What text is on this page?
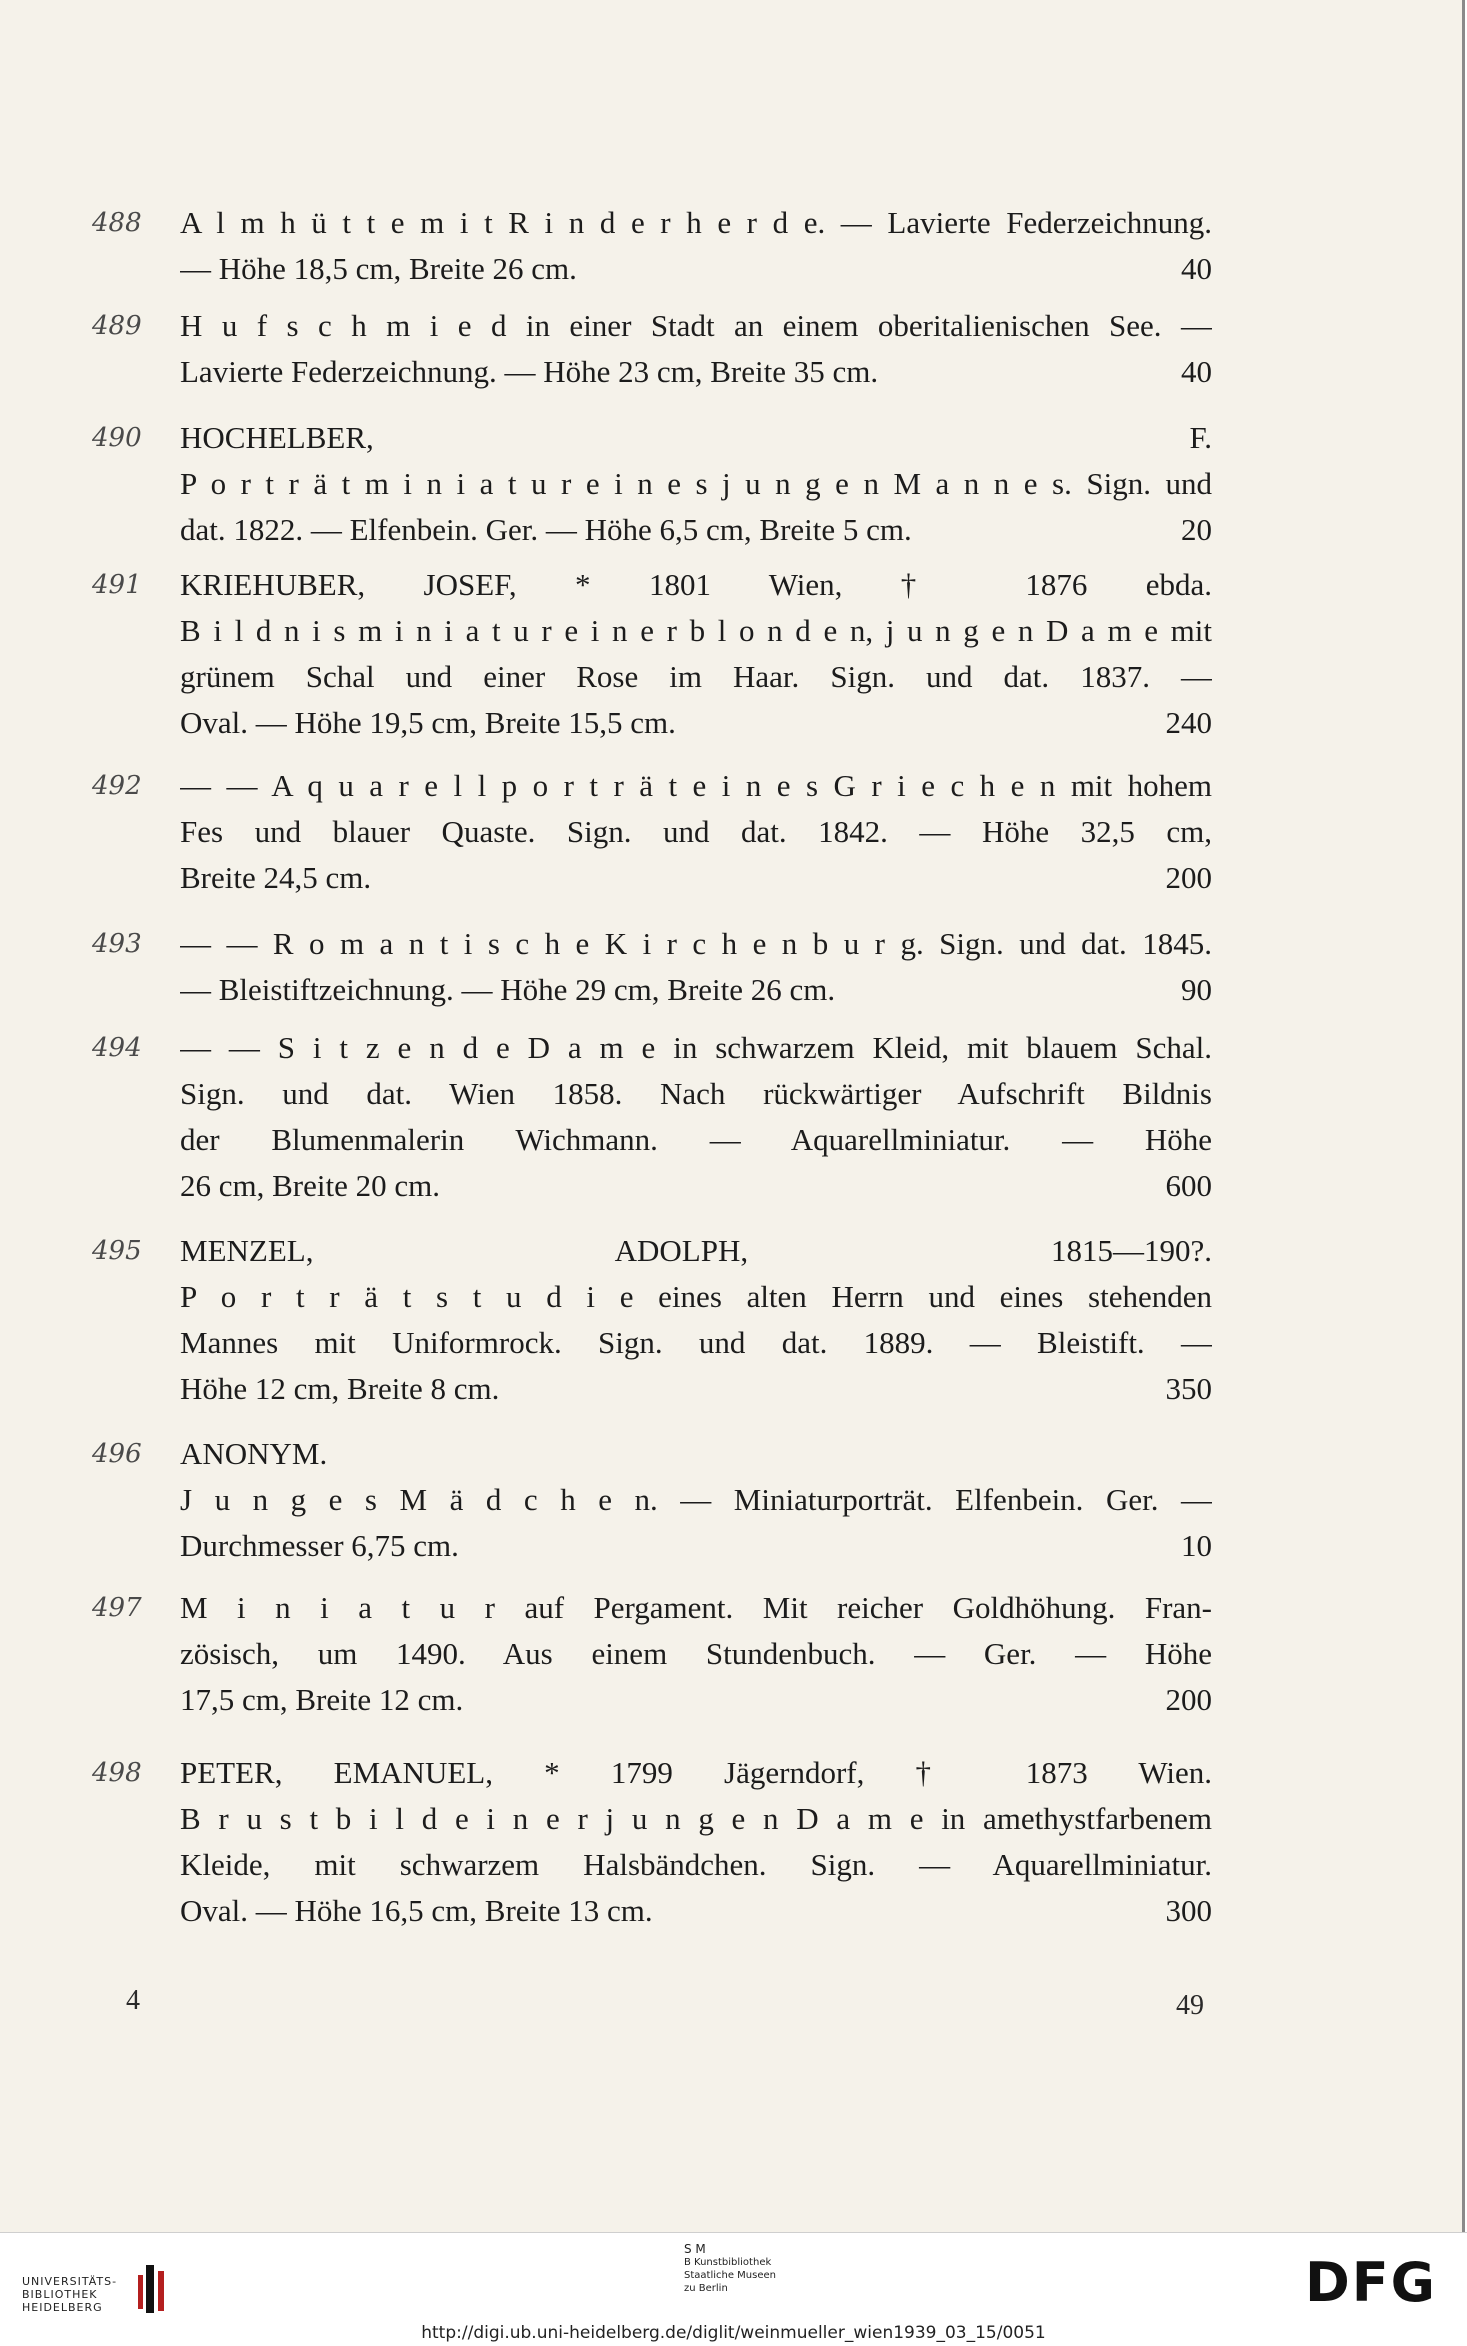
488 A l m h ü t t e m i t R i n d e r h e r d e. — Lavierte Federzeichnung.
— Höhe 18,5 cm, Breite 26 cm.	40
489 H u f s c h m i e d in einer Stadt an einem oberitalienischen See. —
Lavierte Federzeichnung. — Höhe 23 cm, Breite 35 cm.	40
490 HOCHELBER, F.
P o r t r ä t m i n i a t u r e i n e s j u n g e n M a n n e s. Sign. und
dat. 1822. — Elfenbein. Ger. — Höhe 6,5 cm, Breite 5 cm.	20
491 KRIEHUBER, JOSEF, * 1801 Wien, † 1876 ebda.
B i l d n i s m i n i a t u r e i n e r b l o n d e n, j u n g e n D a m e mit
grünem Schal und einer Rose im Haar. Sign. und dat. 1837. —
Oval. — Höhe 19,5 cm, Breite 15,5 cm.	240
492 — — A q u a r e l l p o r t r ä t e i n e s G r i e c h e n mit hohem
Fes und blauer Quaste. Sign. und dat. 1842. — Höhe 32,5 cm,
Breite 24,5 cm.	200
493 — — R o m a n t i s c h e K i r c h e n b u r g. Sign. und dat. 1845.
— Bleistiftzeichnung. — Höhe 29 cm, Breite 26 cm.	90
494 — — S i t z e n d e D a m e in schwarzem Kleid, mit blauem Schal.
Sign. und dat. Wien 1858. Nach rückwärtiger Aufschrift Bildnis
der Blumenmalerin Wichmann. — Aquarellminiatur. — Höhe
26 cm, Breite 20 cm.	600
495 MENZEL, ADOLPH, 1815—190?.
P o r t r ä t s t u d i e eines alten Herrn und eines stehenden
Mannes mit Uniformrock. Sign. und dat. 1889. — Bleistift. —
Höhe 12 cm, Breite 8 cm.	350
496 ANONYM.
J u n g e s M ä d c h e n. — Miniaturporträt. Elfenbein. Ger. —
Durchmesser 6,75 cm.	10
497 M i n i a t u r auf Pergament. Mit reicher Goldhöhung. Fran-
zösisch, um 1490. Aus einem Stundenbuch. — Ger. — Höhe
17,5 cm, Breite 12 cm.	200
498 PETER, EMANUEL, * 1799 Jägerndorf, † 1873 Wien.
B r u s t b i l d e i n e r j u n g e n D a m e in amethystfarbenem
Kleide, mit schwarzem Halsbändchen. Sign. — Aquarellminiatur.
Oval. — Höhe 16,5 cm, Breite 13 cm.	300
4	49
UNIVERSITÄTS-
BIBLIOTHEK
HEIDELBERG
S M
B Kunstbibliothek
Staatliche Museen
zu Berlin	DFG
http://digi.ub.uni-heidelberg.de/diglit/weinmueller_wien1939_03_15/0051
